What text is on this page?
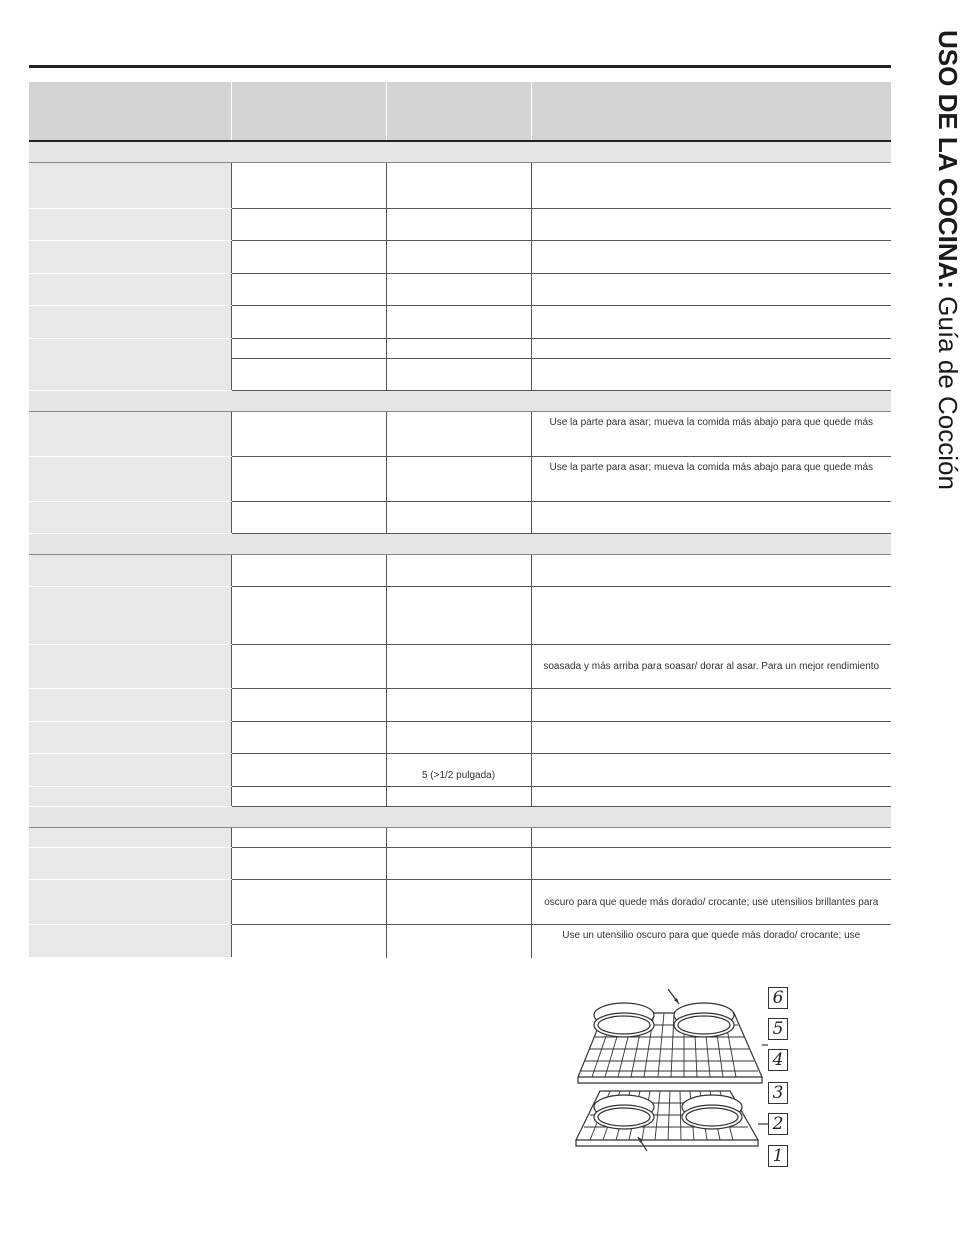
USO DE LA COCINA: Guía de Cocción

			Use la parte para asar; mueva la comida más abajo para que quede más
			Use la parte para asar; mueva la comida más abajo para que quede más

			soasada y más arriba para soasar/ dorar al asar. Para un mejor rendimiento

		5 (>1/2 pulgada)	

			oscuro para que quede más dorado/ crocante; use utensilios brillantes para
			Use un utensilio oscuro para que quede más dorado/ crocante; use
6
5
4
3
2
1
